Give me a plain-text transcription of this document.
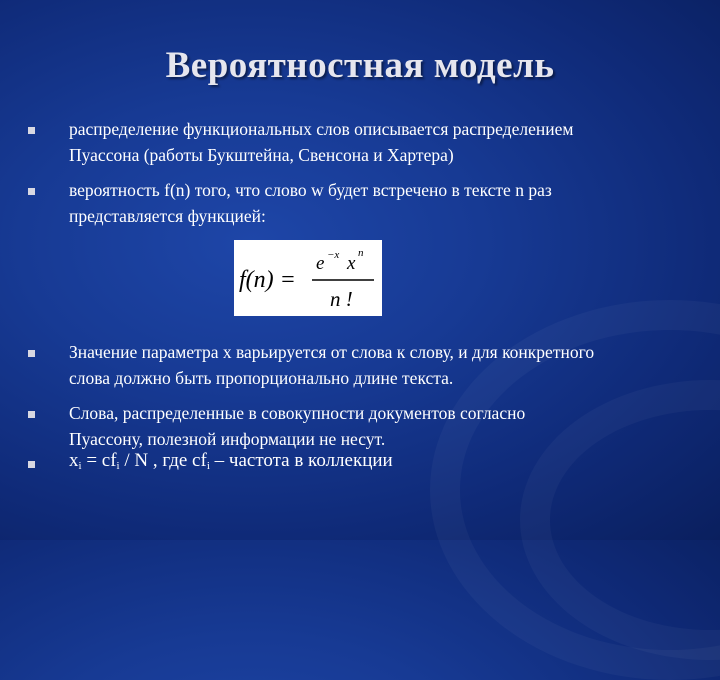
Вероятностная модель
распределение функциональных слов описывается распределением
Пуассона (работы Букштейна, Свенсона и Хартера)
вероятность f(n) того, что слово w будет встречено в тексте n раз
представляется функцией:
f(n) =
e −x x n
n !
Значение параметра x варьируется от слова к слову, и для конкретного
слова должно быть пропорционально длине текста.
Слова, распределенные в совокупности документов согласно
Пуассону, полезной информации не несут.
$x_i = cf_i / N$ , где $cf_i$ – частота в коллекции
